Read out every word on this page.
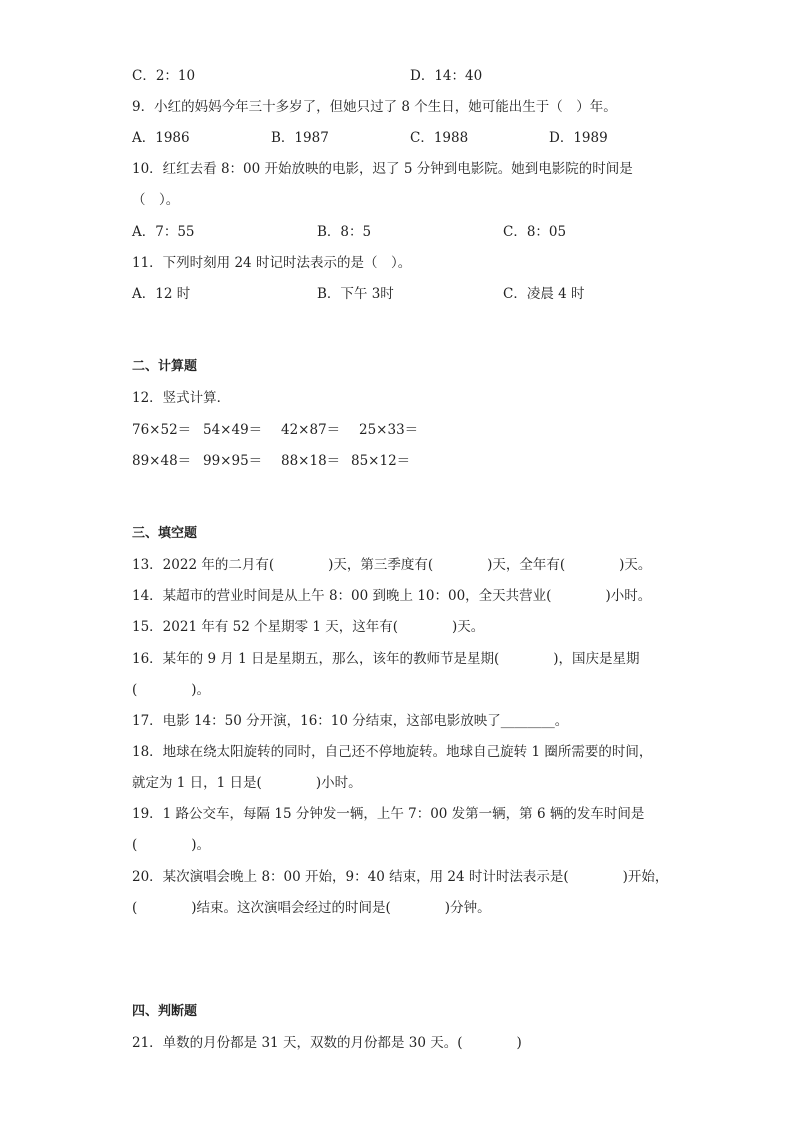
C．2：10	D．14：40
9．小红的妈妈今年三十多岁了，但她只过了 8 个生日，她可能出生于（　）年。
A．1986	B．1987	C．1988	D．1989
10．红红去看 8：00 开始放映的电影，迟了 5 分钟到电影院。她到电影院的时间是
（　）。
A．7：55	B．8：5	C．8：05
11．下列时刻用 24 时记时法表示的是（　）。
A．12 时	B．下午 3时	C．凌晨 4 时
二、计算题
12．竖式计算．
76×52＝ 54×49＝ 42×87＝ 25×33＝
89×48＝ 99×95＝ 88×18＝ 85×12＝
三、填空题
13．2022 年的二月有(　　　　)天，第三季度有(　　　　)天，全年有(　　　　)天。
14．某超市的营业时间是从上午 8：00 到晚上 10：00，全天共营业(　　　　)小时。
15．2021 年有 52 个星期零 1 天，这年有(　　　　)天。
16．某年的 9 月 1 日是星期五，那么，该年的教师节是星期(　　　　)，国庆是星期
(　　　　)。
17．电影 14：50 分开演，16：10 分结束，这部电影放映了________。
18．地球在绕太阳旋转的同时，自己还不停地旋转。地球自己旋转 1 圈所需要的时间，
就定为 1 日，1 日是(　　　　)小时。
19．1 路公交车，每隔 15 分钟发一辆，上午 7：00 发第一辆，第 6 辆的发车时间是
(　　　　)。
20．某次演唱会晚上 8：00 开始，9：40 结束，用 24 时计时法表示是(　　　　)开始，
(　　　　)结束。这次演唱会经过的时间是(　　　　)分钟。
四、判断题
21．单数的月份都是 31 天，双数的月份都是 30 天。(　　　　)
